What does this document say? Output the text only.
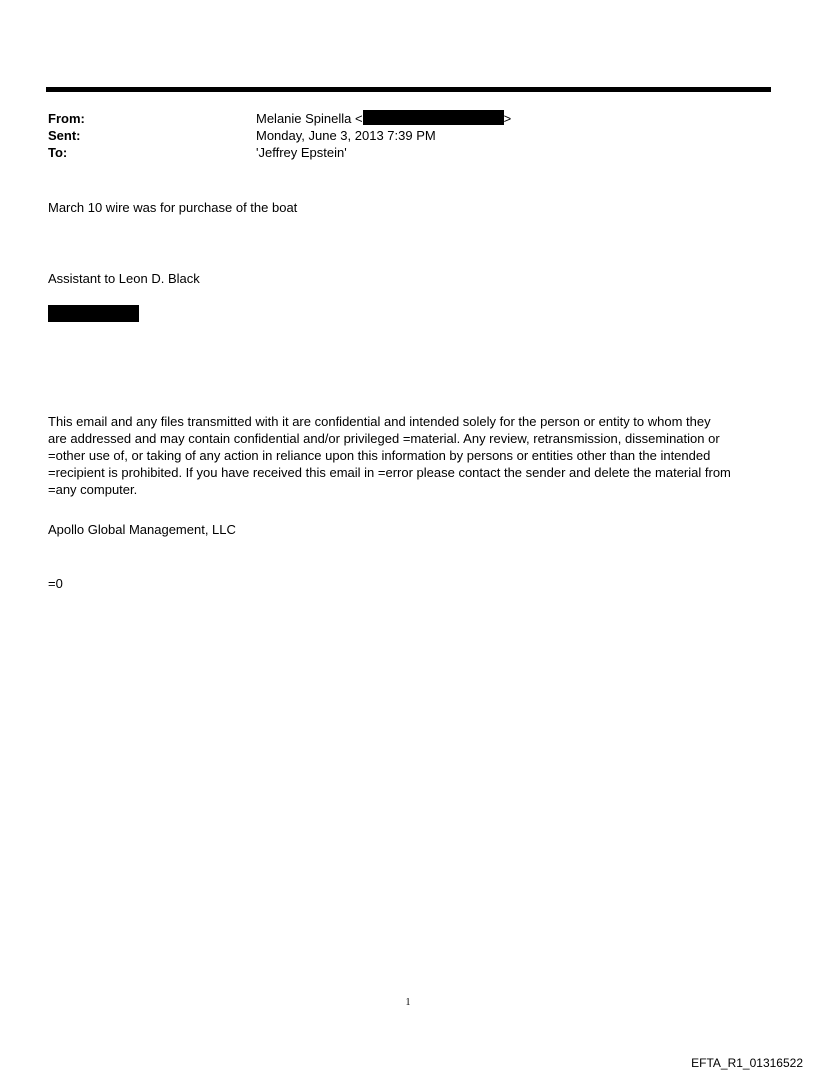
From:	Melanie Spinella <	>
Sent:	Monday, June 3, 2013 7:39 PM
To:	'Jeffrey Epstein'
March 10 wire was for purchase of the boat
Assistant to Leon D. Black
This email and any files transmitted with it are confidential and intended solely for the person or entity to whom they
are addressed and may contain confidential and/or privileged =material. Any review, retransmission, dissemination or
=other use of, or taking of any action in reliance upon this information by persons or entities other than the intended
=recipient is prohibited. If you have received this email in =error please contact the sender and delete the material from
=any computer.
Apollo Global Management, LLC
=0
1
EFTA_R1_01316522
